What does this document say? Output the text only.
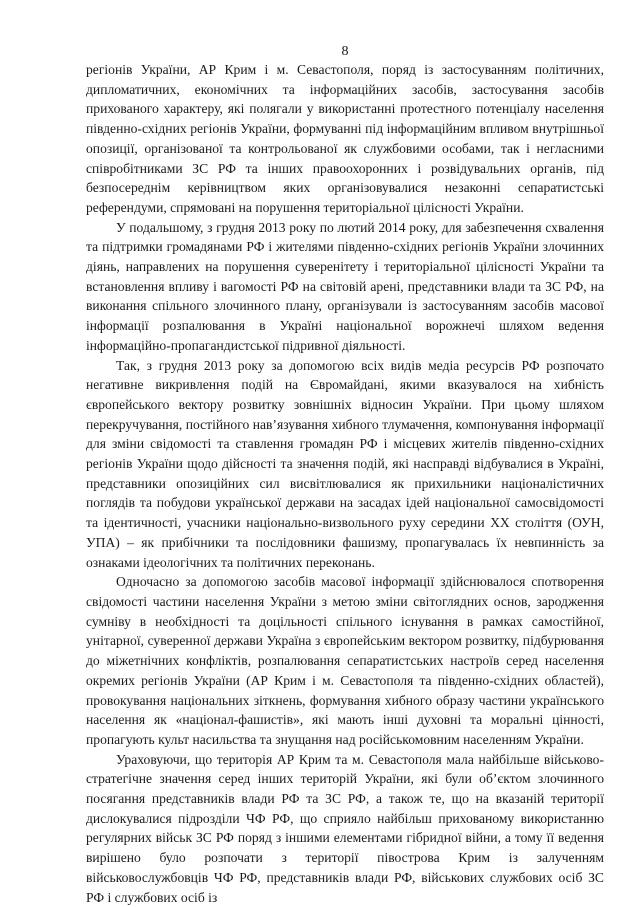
8

регіонів України, АР Крим і м. Севастополя, поряд із застосуванням політичних, дипломатичних, економічних та інформаційних засобів, застосування засобів прихованого характеру, які полягали у використанні протестного потенціалу населення південно-східних регіонів України, формуванні під інформаційним впливом внутрішньої опозиції, організованої та контрольованої як службовими особами, так і негласними співробітниками ЗС РФ та інших правоохоронних і розвідувальних органів, під безпосереднім керівництвом яких організовувалися незаконні сепаратистські референдуми, спрямовані на порушення територіальної цілісності України.

У подальшому, з грудня 2013 року по лютий 2014 року, для забезпечення схвалення та підтримки громадянами РФ і жителями південно-східних регіонів України злочинних діянь, направлених на порушення суверенітету і територіальної цілісності України та встановлення впливу і вагомості РФ на світовій арені, представники влади та ЗС РФ, на виконання спільного злочинного плану, організували із застосуванням засобів масової інформації розпалювання в Україні національної ворожнечі шляхом ведення інформаційно-пропагандистської підривної діяльності.

Так, з грудня 2013 року за допомогою всіх видів медіа ресурсів РФ розпочато негативне викривлення подій на Євромайдані, якими вказувалося на хибність європейського вектору розвитку зовнішніх відносин України. При цьому шляхом перекручування, постійного нав’язування хибного тлумачення, компонування інформації для зміни свідомості та ставлення громадян РФ і місцевих жителів південно-східних регіонів України щодо дійсності та значення подій, які насправді відбувалися в Україні, представники опозиційних сил висвітлювалися як прихильники націоналістичних поглядів та побудови української держави на засадах ідей національної самосвідомості та ідентичності, учасники національно-визвольного руху середини ХХ століття (ОУН, УПА) – як прибічники та послідовники фашизму, пропагувалась їх невпинність за ознаками ідеологічних та політичних переконань.

Одночасно за допомогою засобів масової інформації здійснювалося спотворення свідомості частини населення України з метою зміни світоглядних основ, зародження сумніву в необхідності та доцільності спільного існування в рамках самостійної, унітарної, суверенної держави Україна з європейським вектором розвитку, підбурювання до міжетнічних конфліктів, розпалювання сепаратистських настроїв серед населення окремих регіонів України (АР Крим і м. Севастополя та південно-східних областей), провокування національних зіткнень, формування хибного образу частини українського населення як «націонал-фашистів», які мають інші духовні та моральні цінності, пропагують культ насильства та знущання над російськомовним населенням України.

Ураховуючи, що територія АР Крим та м. Севастополя мала найбільше військово-стратегічне значення серед інших територій України, які були об’єктом злочинного посягання представників влади РФ та ЗС РФ, а також те, що на вказаній території дислокувалися підрозділи ЧФ РФ, що сприяло найбільш прихованому використанню регулярних військ ЗС РФ поряд з іншими елементами гібридної війни, а тому її ведення вирішено було розпочати з території півострова Крим із залученням військовослужбовців ЧФ РФ, представників влади РФ, військових службових осіб ЗС РФ і службових осіб із
